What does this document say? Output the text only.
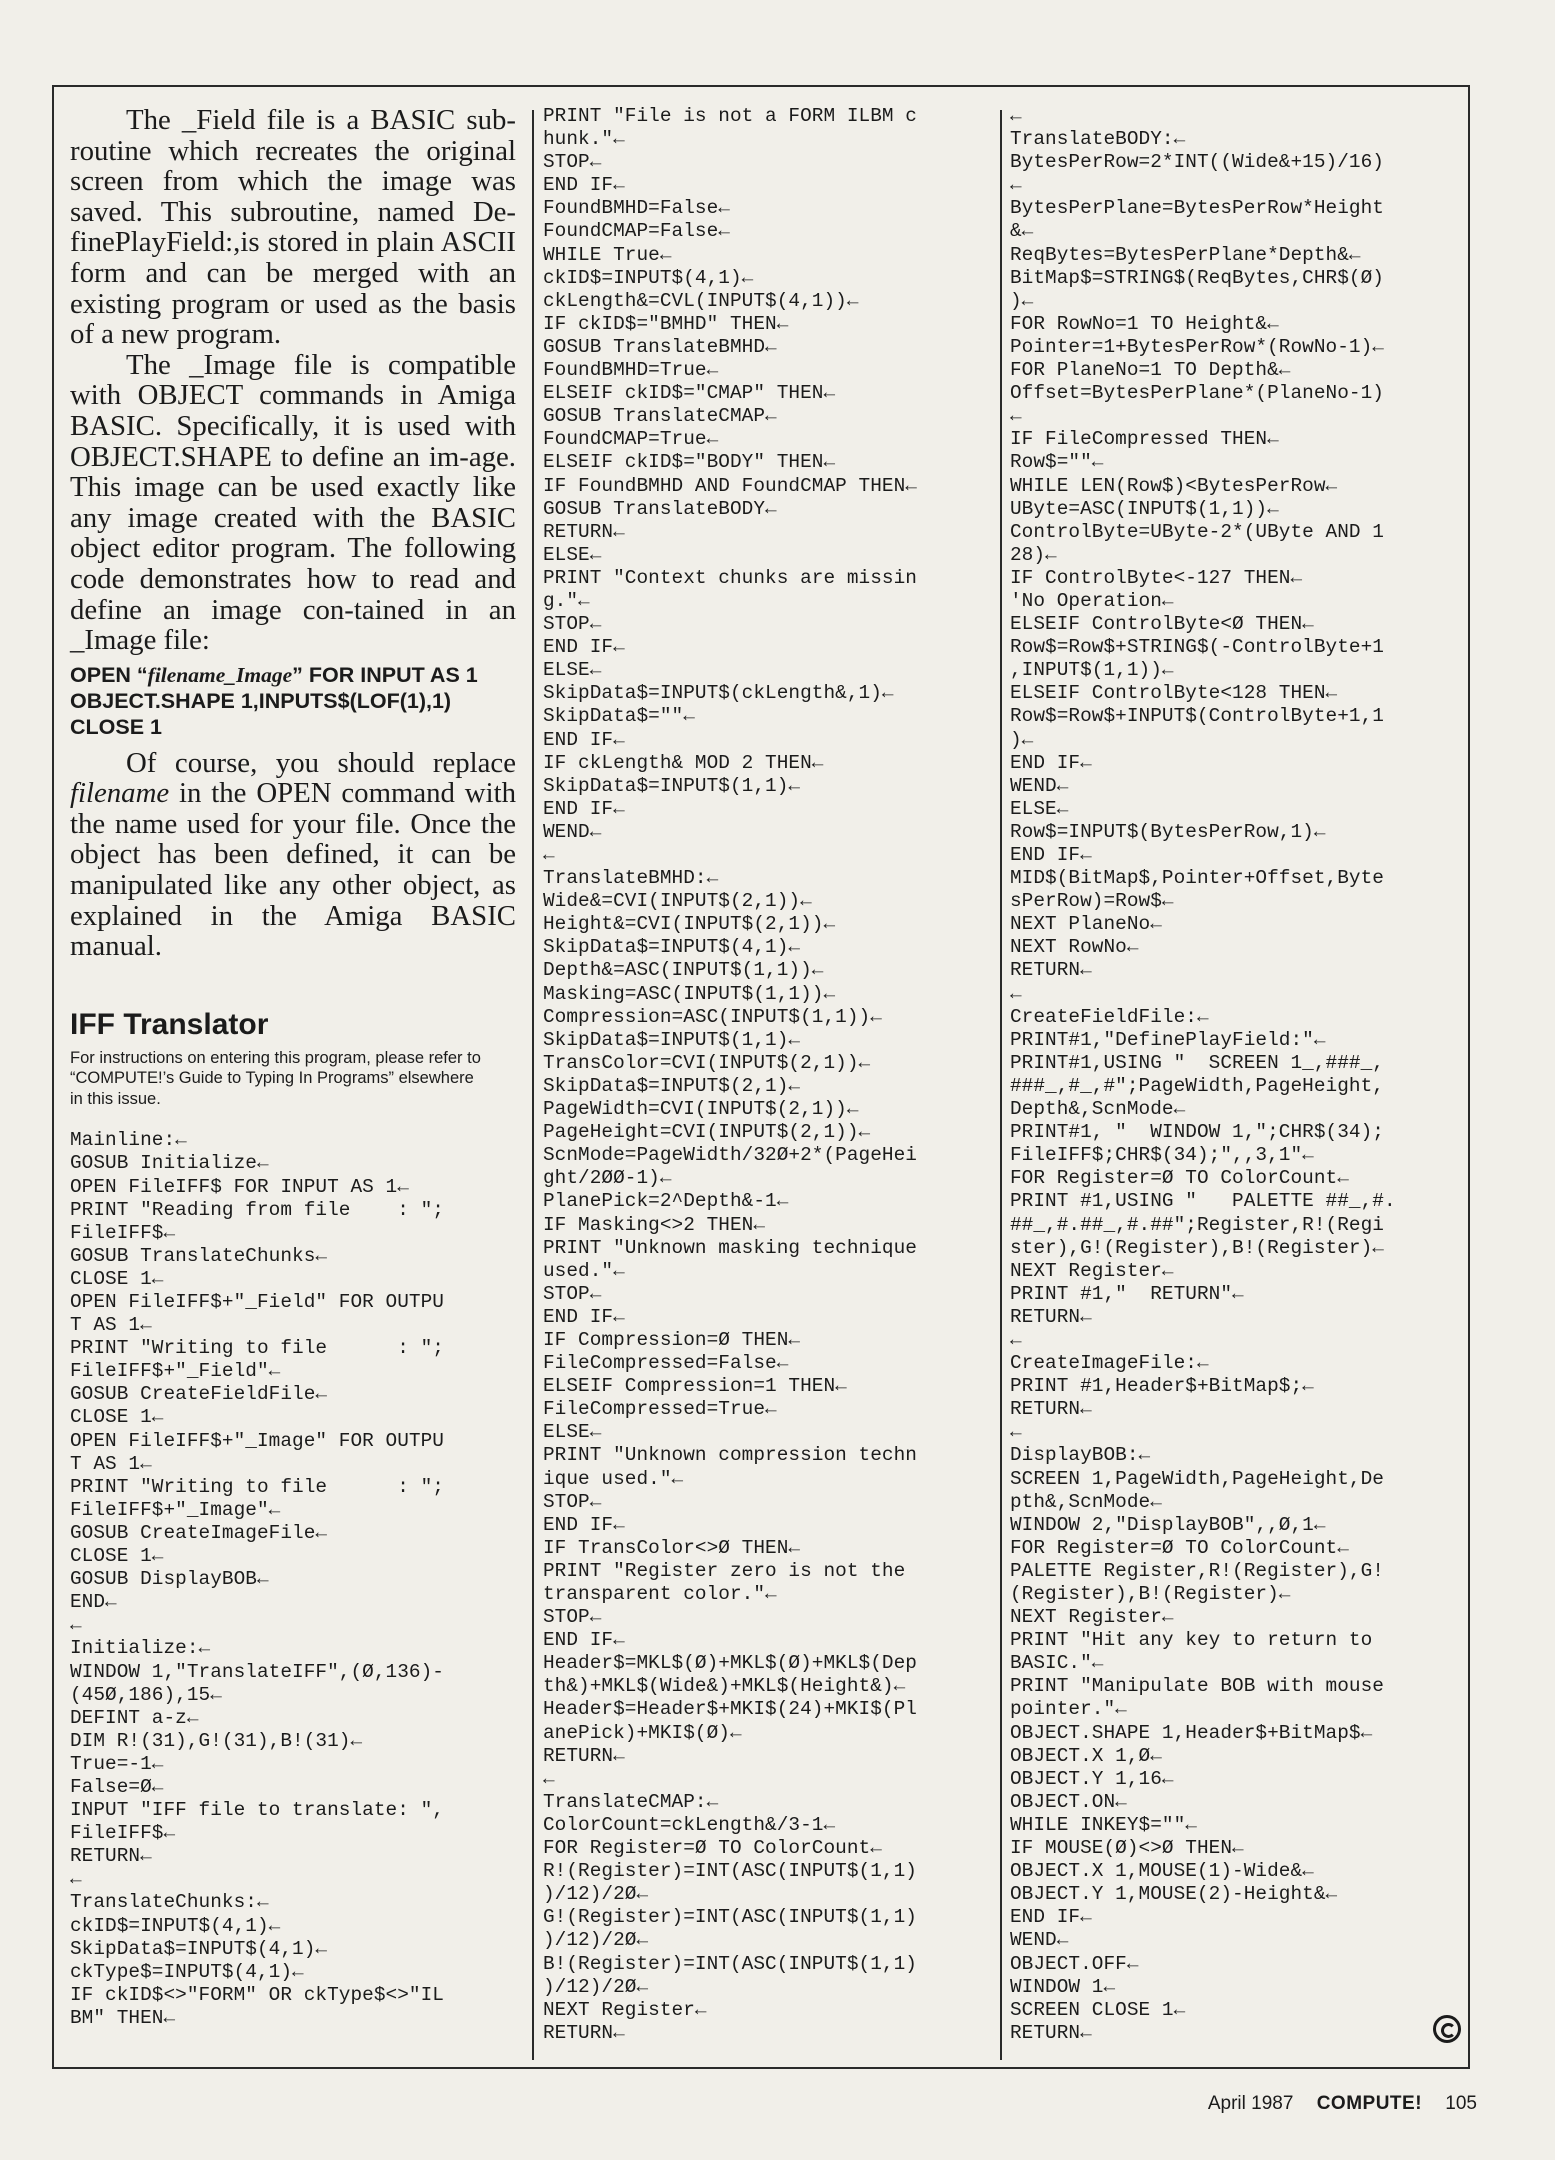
The _Field file is a BASIC sub-routine which recreates the original screen from which the image was saved. This subroutine, named De-finePlayField:,is stored in plain ASCII form and can be merged with an existing program or used as the basis of a new program.

The _Image file is compatible with OBJECT commands in Amiga BASIC. Specifically, it is used with OBJECT.SHAPE to define an im-age. This image can be used exactly like any image created with the BASIC object editor program. The following code demonstrates how to read and define an image con-tained in an _Image file:

OPEN “filename_Image” FOR INPUT AS 1
OBJECT.SHAPE 1,INPUTS$(LOF(1),1)
CLOSE 1

Of course, you should replace filename in the OPEN command with the name used for your file. Once the object has been defined, it can be manipulated like any other object, as explained in the Amiga BASIC manual.

IFF Translator
For instructions on entering this program, please refer to “COMPUTE!’s Guide to Typing In Programs” elsewhere in this issue.
Mainline:←
GOSUB Initialize←
OPEN FileIFF$ FOR INPUT AS 1←
PRINT "Reading from file    : ";
FileIFF$←
GOSUB TranslateChunks←
CLOSE 1←
OPEN FileIFF$+"_Field" FOR OUTPU
T AS 1←
PRINT "Writing to file      : ";
FileIFF$+"_Field"←
GOSUB CreateFieldFile←
CLOSE 1←
OPEN FileIFF$+"_Image" FOR OUTPU
T AS 1←
PRINT "Writing to file      : ";
FileIFF$+"_Image"←
GOSUB CreateImageFile←
CLOSE 1←
GOSUB DisplayBOB←
END←
←
Initialize:←
WINDOW 1,"TranslateIFF",(Ø,136)-
(45Ø,186),15←
DEFINT a-z←
DIM R!(31),G!(31),B!(31)←
True=-1←
False=Ø←
INPUT "IFF file to translate: ",
FileIFF$←
RETURN←
←
TranslateChunks:←
ckID$=INPUT$(4,1)←
SkipData$=INPUT$(4,1)←
ckType$=INPUT$(4,1)←
IF ckID$<>"FORM" OR ckType$<>"IL
BM" THEN←
PRINT "File is not a FORM ILBM c
hunk."←
STOP←
END IF←
FoundBMHD=False←
FoundCMAP=False←
WHILE True←
ckID$=INPUT$(4,1)←
ckLength&=CVL(INPUT$(4,1))←
IF ckID$="BMHD" THEN←
GOSUB TranslateBMHD←
FoundBMHD=True←
ELSEIF ckID$="CMAP" THEN←
GOSUB TranslateCMAP←
FoundCMAP=True←
ELSEIF ckID$="BODY" THEN←
IF FoundBMHD AND FoundCMAP THEN←
GOSUB TranslateBODY←
RETURN←
ELSE←
PRINT "Context chunks are missin
g."←
STOP←
END IF←
ELSE←
SkipData$=INPUT$(ckLength&,1)←
SkipData$=""←
END IF←
IF ckLength& MOD 2 THEN←
SkipData$=INPUT$(1,1)←
END IF←
WEND←
←
TranslateBMHD:←
Wide&=CVI(INPUT$(2,1))←
Height&=CVI(INPUT$(2,1))←
SkipData$=INPUT$(4,1)←
Depth&=ASC(INPUT$(1,1))←
Masking=ASC(INPUT$(1,1))←
Compression=ASC(INPUT$(1,1))←
SkipData$=INPUT$(1,1)←
TransColor=CVI(INPUT$(2,1))←
SkipData$=INPUT$(2,1)←
PageWidth=CVI(INPUT$(2,1))←
PageHeight=CVI(INPUT$(2,1))←
ScnMode=PageWidth/32Ø+2*(PageHei
ght/2ØØ-1)←
PlanePick=2^Depth&-1←
IF Masking<>2 THEN←
PRINT "Unknown masking technique
used."←
STOP←
END IF←
IF Compression=Ø THEN←
FileCompressed=False←
ELSEIF Compression=1 THEN←
FileCompressed=True←
ELSE←
PRINT "Unknown compression techn
ique used."←
STOP←
END IF←
IF TransColor<>Ø THEN←
PRINT "Register zero is not the
transparent color."←
STOP←
END IF←
Header$=MKL$(Ø)+MKL$(Ø)+MKL$(Dep
th&)+MKL$(Wide&)+MKL$(Height&)←
Header$=Header$+MKI$(24)+MKI$(Pl
anePick)+MKI$(Ø)←
RETURN←
←
TranslateCMAP:←
ColorCount=ckLength&/3-1←
FOR Register=Ø TO ColorCount←
R!(Register)=INT(ASC(INPUT$(1,1)
)/12)/2Ø←
G!(Register)=INT(ASC(INPUT$(1,1)
)/12)/2Ø←
B!(Register)=INT(ASC(INPUT$(1,1)
)/12)/2Ø←
NEXT Register←
RETURN←
←
TranslateBODY:←
BytesPerRow=2*INT((Wide&+15)/16)
←
BytesPerPlane=BytesPerRow*Height
&←
ReqBytes=BytesPerPlane*Depth&←
BitMap$=STRING$(ReqBytes,CHR$(Ø)
)←
FOR RowNo=1 TO Height&←
Pointer=1+BytesPerRow*(RowNo-1)←
FOR PlaneNo=1 TO Depth&←
Offset=BytesPerPlane*(PlaneNo-1)
←
IF FileCompressed THEN←
Row$=""←
WHILE LEN(Row$)<BytesPerRow←
UByte=ASC(INPUT$(1,1))←
ControlByte=UByte-2*(UByte AND 1
28)←
IF ControlByte<-127 THEN←
'No Operation←
ELSEIF ControlByte<Ø THEN←
Row$=Row$+STRING$(-ControlByte+1
,INPUT$(1,1))←
ELSEIF ControlByte<128 THEN←
Row$=Row$+INPUT$(ControlByte+1,1
)←
END IF←
WEND←
ELSE←
Row$=INPUT$(BytesPerRow,1)←
END IF←
MID$(BitMap$,Pointer+Offset,Byte
sPerRow)=Row$←
NEXT PlaneNo←
NEXT RowNo←
RETURN←
←
CreateFieldFile:←
PRINT#1,"DefinePlayField:"←
PRINT#1,USING "  SCREEN 1_,###_,
###_,#_,#";PageWidth,PageHeight,
Depth&,ScnMode←
PRINT#1, "  WINDOW 1,";CHR$(34);
FileIFF$;CHR$(34);",,3,1"←
FOR Register=Ø TO ColorCount←
PRINT #1,USING "   PALETTE ##_,#.
##_,#.##_,#.##";Register,R!(Regi
ster),G!(Register),B!(Register)←
NEXT Register←
PRINT #1,"  RETURN"←
RETURN←
←
CreateImageFile:←
PRINT #1,Header$+BitMap$;←
RETURN←
←
DisplayBOB:←
SCREEN 1,PageWidth,PageHeight,De
pth&,ScnMode←
WINDOW 2,"DisplayBOB",,Ø,1←
FOR Register=Ø TO ColorCount←
PALETTE Register,R!(Register),G!
(Register),B!(Register)←
NEXT Register←
PRINT "Hit any key to return to
BASIC."←
PRINT "Manipulate BOB with mouse
pointer."←
OBJECT.SHAPE 1,Header$+BitMap$←
OBJECT.X 1,Ø←
OBJECT.Y 1,16←
OBJECT.ON←
WHILE INKEY$=""←
IF MOUSE(Ø)<>Ø THEN←
OBJECT.X 1,MOUSE(1)-Wide&←
OBJECT.Y 1,MOUSE(2)-Height&←
END IF←
WEND←
OBJECT.OFF←
WINDOW 1←
SCREEN CLOSE 1←
RETURN←
April 1987 COMPUTE! 105
